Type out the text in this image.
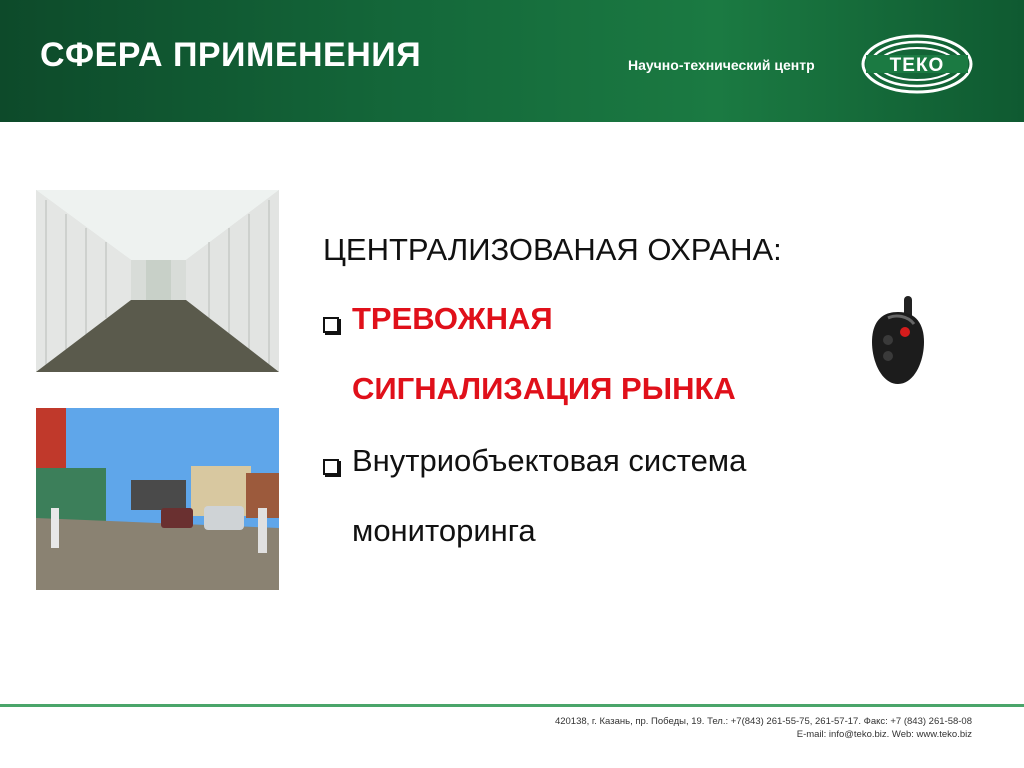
СФЕРА ПРИМЕНЕНИЯ	Научно-технический центр	ТЕКО
ЦЕНТРАЛИЗОВАНАЯ ОХРАНА:
ТРЕВОЖНАЯ
СИГНАЛИЗАЦИЯ РЫНКА
Внутриобъектовая система
мониторинга
420138, г. Казань, пр. Победы, 19. Тел.: +7(843) 261-55-75, 261-57-17. Факс: +7 (843) 261-58-08
E-mail: info@teko.biz. Web: www.teko.biz
